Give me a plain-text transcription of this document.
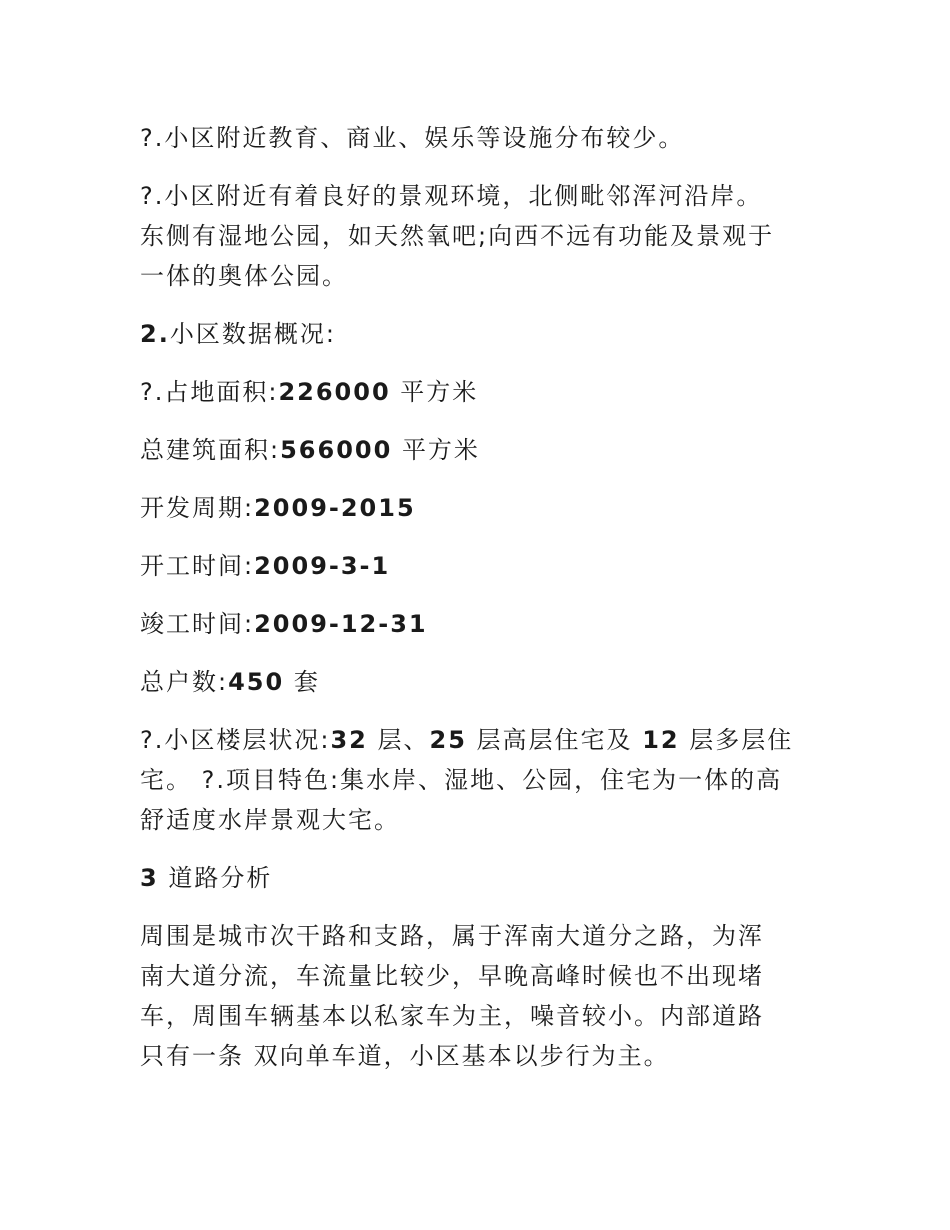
?.小区附近教育、商业、娱乐等设施分布较少。

?.小区附近有着良好的景观环境，北侧毗邻浑河沿岸。
东侧有湿地公园，如天然氧吧;向西不远有功能及景观于
一体的奥体公园。

2.小区数据概况:

?.占地面积:226000 平方米

总建筑面积:566000 平方米

开发周期:2009-2015

开工时间:2009-3-1

竣工时间:2009-12-31

总户数:450 套

?.小区楼层状况:32 层、25 层高层住宅及 12 层多层住
宅。 ?.项目特色:集水岸、湿地、公园，住宅为一体的高
舒适度水岸景观大宅。

3 道路分析

周围是城市次干路和支路，属于浑南大道分之路，为浑
南大道分流，车流量比较少，早晚高峰时候也不出现堵
车，周围车辆基本以私家车为主，噪音较小。内部道路
只有一条 双向单车道，小区基本以步行为主。
